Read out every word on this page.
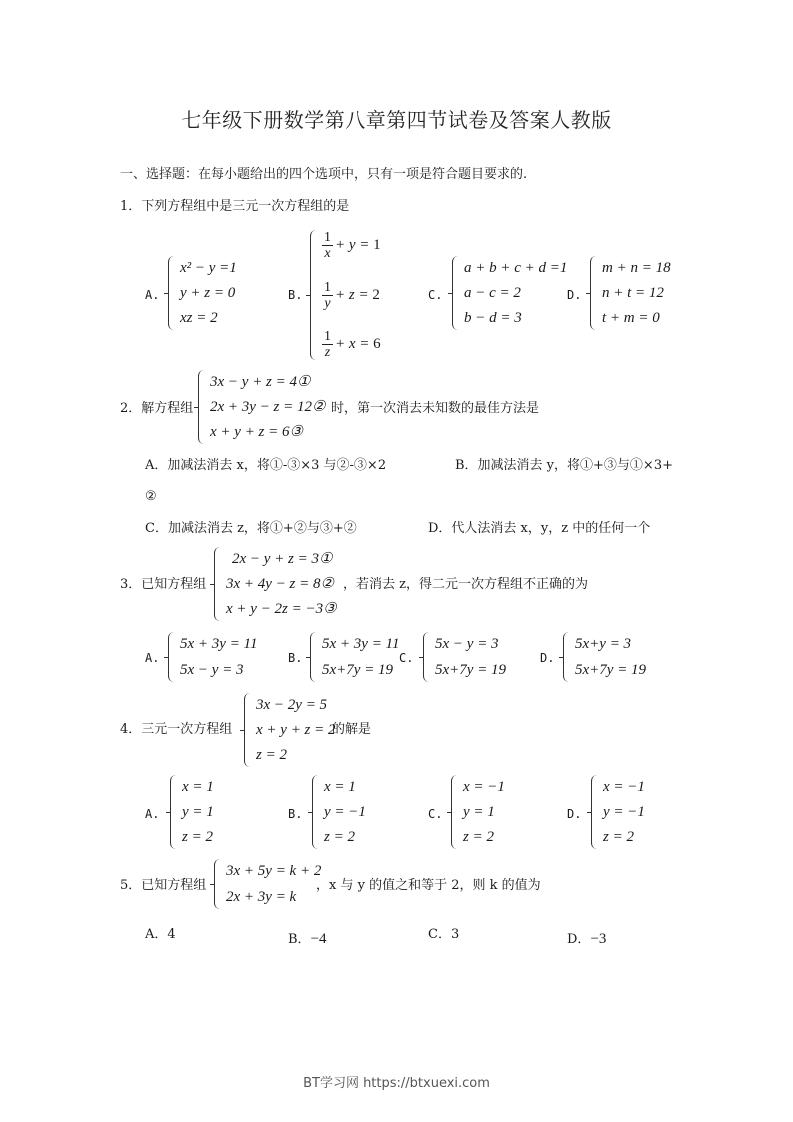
七年级下册数学第八章第四节试卷及答案人教版
一、选择题：在每小题给出的四个选项中，只有一项是符合题目要求的.
1．下列方程组中是三元一次方程组的是
A.
x² − y =1
y + z = 0
xz = 2
B.
$\frac{1}{x} + y = 1$
$\frac{1}{y} + z = 2$
$\frac{1}{z} + x = 6$
C.
a + b + c + d =1
a − c = 2
b − d = 3
D.
m + n = 18
n + t = 12
t + m = 0
2．解方程组
3x − y + z = 4①
2x + 3y − z = 12②
x + y + z = 6③
时，第一次消去未知数的最佳方法是
A．加减法消去 x，将①-③×3 与②-③×2	B．加减法消去 y，将①+③与①×3+
②
C．加减法消去 z，将①+②与③+②	D．代人法消去 x，y，z 中的任何一个
3．已知方程组
2x − y + z = 3①
3x + 4y − z = 8②
x + y − 2z = −3③
，若消去 z，得二元一次方程组不正确的为
A.
5x + 3y = 11
5x − y = 3
B.
5x + 3y = 11
5x+7y = 19
C.
5x − y = 3
5x+7y = 19
D.
5x+y = 3
5x+7y = 19
4．三元一次方程组
3x − 2y = 5
x + y + z = 2
z = 2
的解是
A.
x = 1
y = 1
z = 2
B.
x = 1
y = −1
z = 2
C.
x = −1
y = 1
z = 2
D.
x = −1
y = −1
z = 2
5．已知方程组
3x + 5y = k + 2
2x + 3y = k
，x 与 y 的值之和等于 2，则 k 的值为
A．4	B．−4	C．3	D．−3
BT学习网 https://btxuexi.com
